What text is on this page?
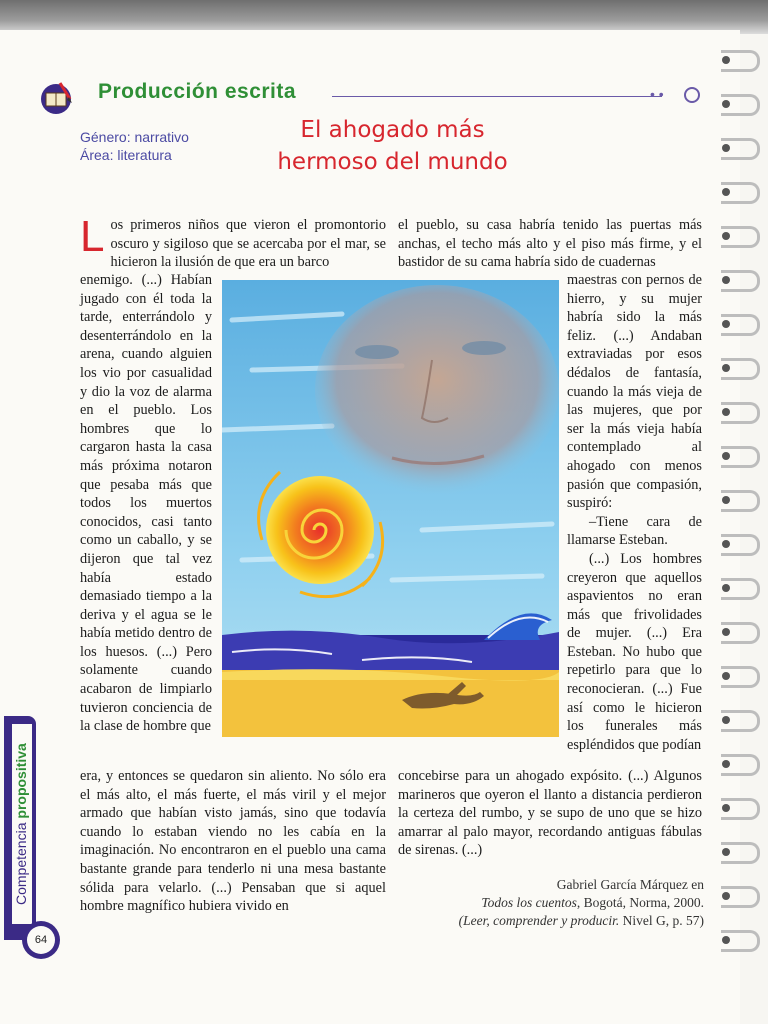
Producción escrita	• •
Género: narrativo
Área: literatura
El ahogado más
hermoso del mundo
L os primeros niños que vieron el promontorio oscuro y sigiloso que se acercaba por el mar, se hicieron la ilusión de que era un barco
enemigo. (...) Habían jugado con él toda la tarde, enterrándolo y desenterrándolo en la arena, cuando alguien los vio por casualidad y dio la voz de alarma en el pueblo. Los hombres que lo cargaron hasta la casa más próxima notaron que pesaba más que todos los muertos conocidos, casi tanto como un caballo, y se dijeron que tal vez había estado demasiado tiempo a la deriva y el agua se le había metido dentro de los huesos. (...) Pero solamente cuando acabaron de limpiarlo tuvieron conciencia de la clase de hombre que
era, y entonces se quedaron sin aliento. No sólo era el más alto, el más fuerte, el más viril y el mejor armado que habían visto jamás, sino que todavía cuando lo estaban viendo no les cabía en la imaginación. No encontraron en el pueblo una cama bastante grande para tenderlo ni una mesa bastante sólida para velarlo. (...) Pensaban que si aquel hombre magnífico hubiera vivido en
el pueblo, su casa habría tenido las puertas más anchas, el techo más alto y el piso más firme, y el bastidor de su cama habría sido de cuadernas

maestras con pernos de hierro, y su mujer habría sido la más feliz. (...) Andaban extraviadas por esos dédalos de fantasía, cuando la más vieja de las mujeres, que por ser la más vieja había contemplado al ahogado con menos pasión que compasión, suspiró:

–Tiene cara de llamarse Esteban.

(...) Los hombres creyeron que aquellos aspavientos no eran más que frivolidades de mujer. (...) Era Esteban. No hubo que repetirlo para que lo reconocieran. (...) Fue así como le hicieron los funerales más espléndidos que podían

concebirse para un ahogado expósito. (...) Algunos marineros que oyeron el llanto a distancia perdieron la certeza del rumbo, y se supo de uno que se hizo amarrar al palo mayor, recordando antiguas fábulas de sirenas. (...)
Gabriel García Márquez en
Todos los cuentos, Bogotá, Norma, 2000.
(Leer, comprender y producir. Nivel G, p. 57)
Competencia propositiva
64
